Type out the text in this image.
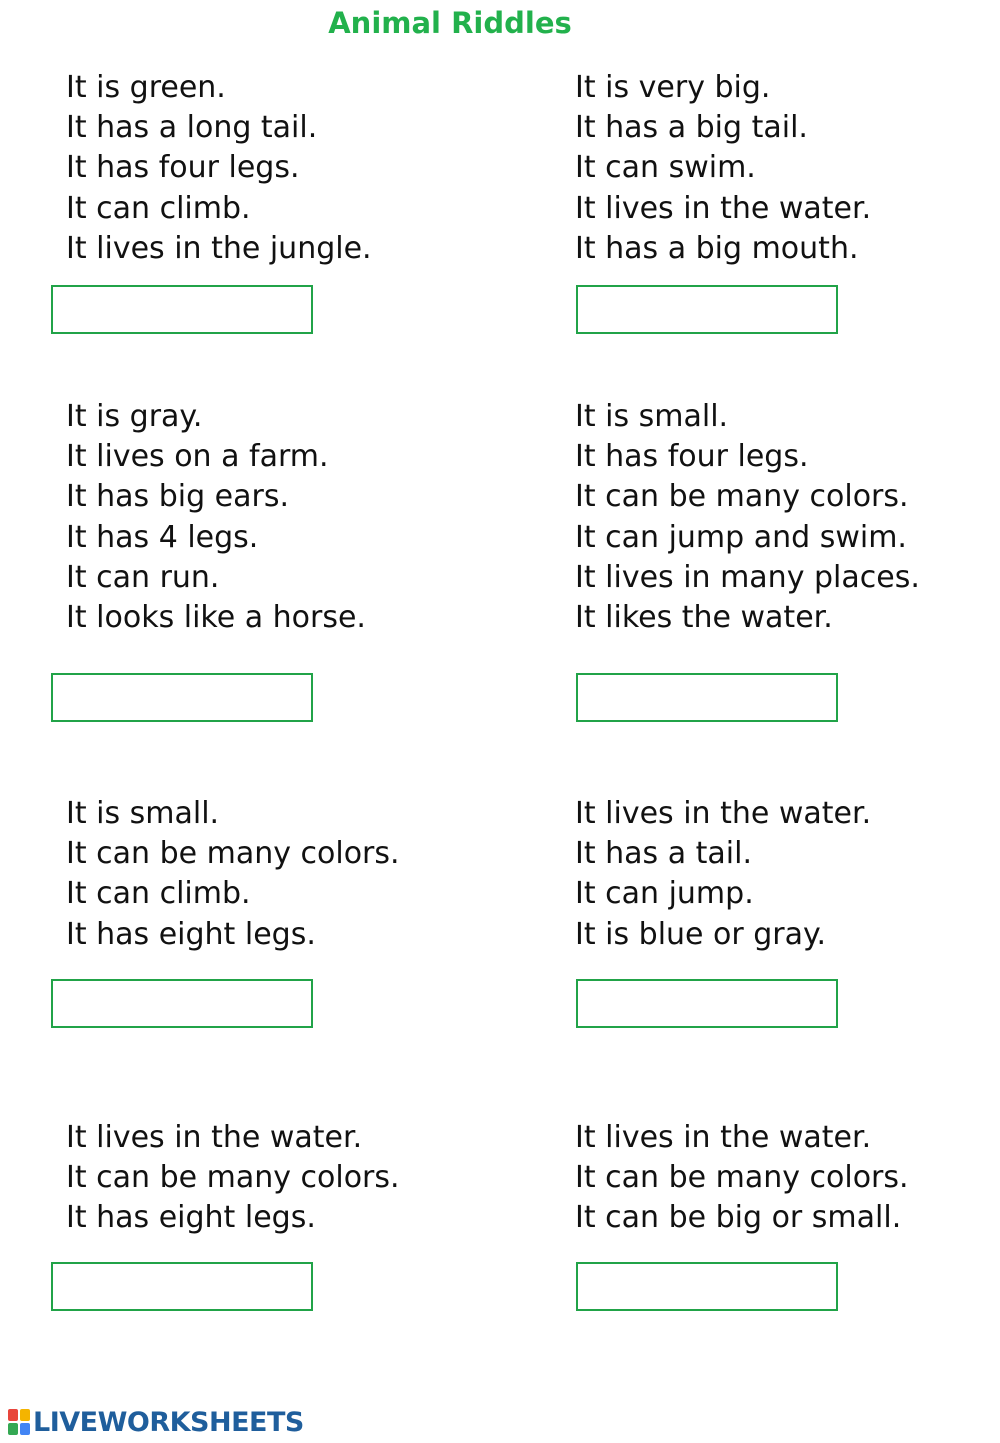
Animal Riddles
It is green.
It has a long tail.
It has four legs.
It can climb.
It lives in the jungle.
It is very big.
It has a big tail.
It can swim.
It lives in the water.
It has a big mouth.
It is gray.
It lives on a farm.
It has big ears.
It has 4 legs.
It can run.
It looks like a horse.
It is small.
It has four legs.
It can be many colors.
It can jump and swim.
It lives in many places.
It likes the water.
It is small.
It can be many colors.
It can climb.
It has eight legs.
It lives in the water.
It has a tail.
It can jump.
It is blue or gray.
It lives in the water.
It can be many colors.
It has eight legs.
It lives in the water.
It can be many colors.
It can be big or small.
LIVEWORKSHEETS
